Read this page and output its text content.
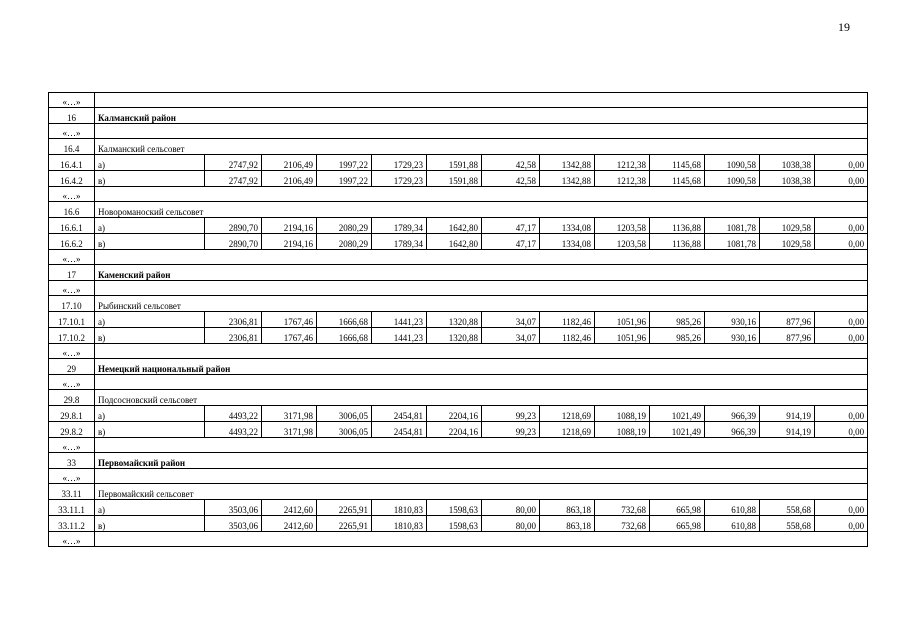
19
«…»													
16	Калманский район												
«…»													
16.4	Калманский сельсовет												
16.4.1	а)	2747,92	2106,49	1997,22	1729,23	1591,88	42,58	1342,88	1212,38	1145,68	1090,58	1038,38	0,00
16.4.2	в)	2747,92	2106,49	1997,22	1729,23	1591,88	42,58	1342,88	1212,38	1145,68	1090,58	1038,38	0,00
«…»													
16.6	Новороманоский сельсовет												
16.6.1	а)	2890,70	2194,16	2080,29	1789,34	1642,80	47,17	1334,08	1203,58	1136,88	1081,78	1029,58	0,00
16.6.2	в)	2890,70	2194,16	2080,29	1789,34	1642,80	47,17	1334,08	1203,58	1136,88	1081,78	1029,58	0,00
«…»													
17	Каменский район												
«…»													
17.10	Рыбинский сельсовет												
17.10.1	а)	2306,81	1767,46	1666,68	1441,23	1320,88	34,07	1182,46	1051,96	985,26	930,16	877,96	0,00
17.10.2	в)	2306,81	1767,46	1666,68	1441,23	1320,88	34,07	1182,46	1051,96	985,26	930,16	877,96	0,00
«…»													
29	Немецкий национальный район												
«…»													
29.8	Подсосновский сельсовет												
29.8.1	а)	4493,22	3171,98	3006,05	2454,81	2204,16	99,23	1218,69	1088,19	1021,49	966,39	914,19	0,00
29.8.2	в)	4493,22	3171,98	3006,05	2454,81	2204,16	99,23	1218,69	1088,19	1021,49	966,39	914,19	0,00
«…»													
33	Первомайский район												
«…»													
33.11	Первомайский сельсовет												
33.11.1	а)	3503,06	2412,60	2265,91	1810,83	1598,63	80,00	863,18	732,68	665,98	610,88	558,68	0,00
33.11.2	в)	3503,06	2412,60	2265,91	1810,83	1598,63	80,00	863,18	732,68	665,98	610,88	558,68	0,00
«…»													
